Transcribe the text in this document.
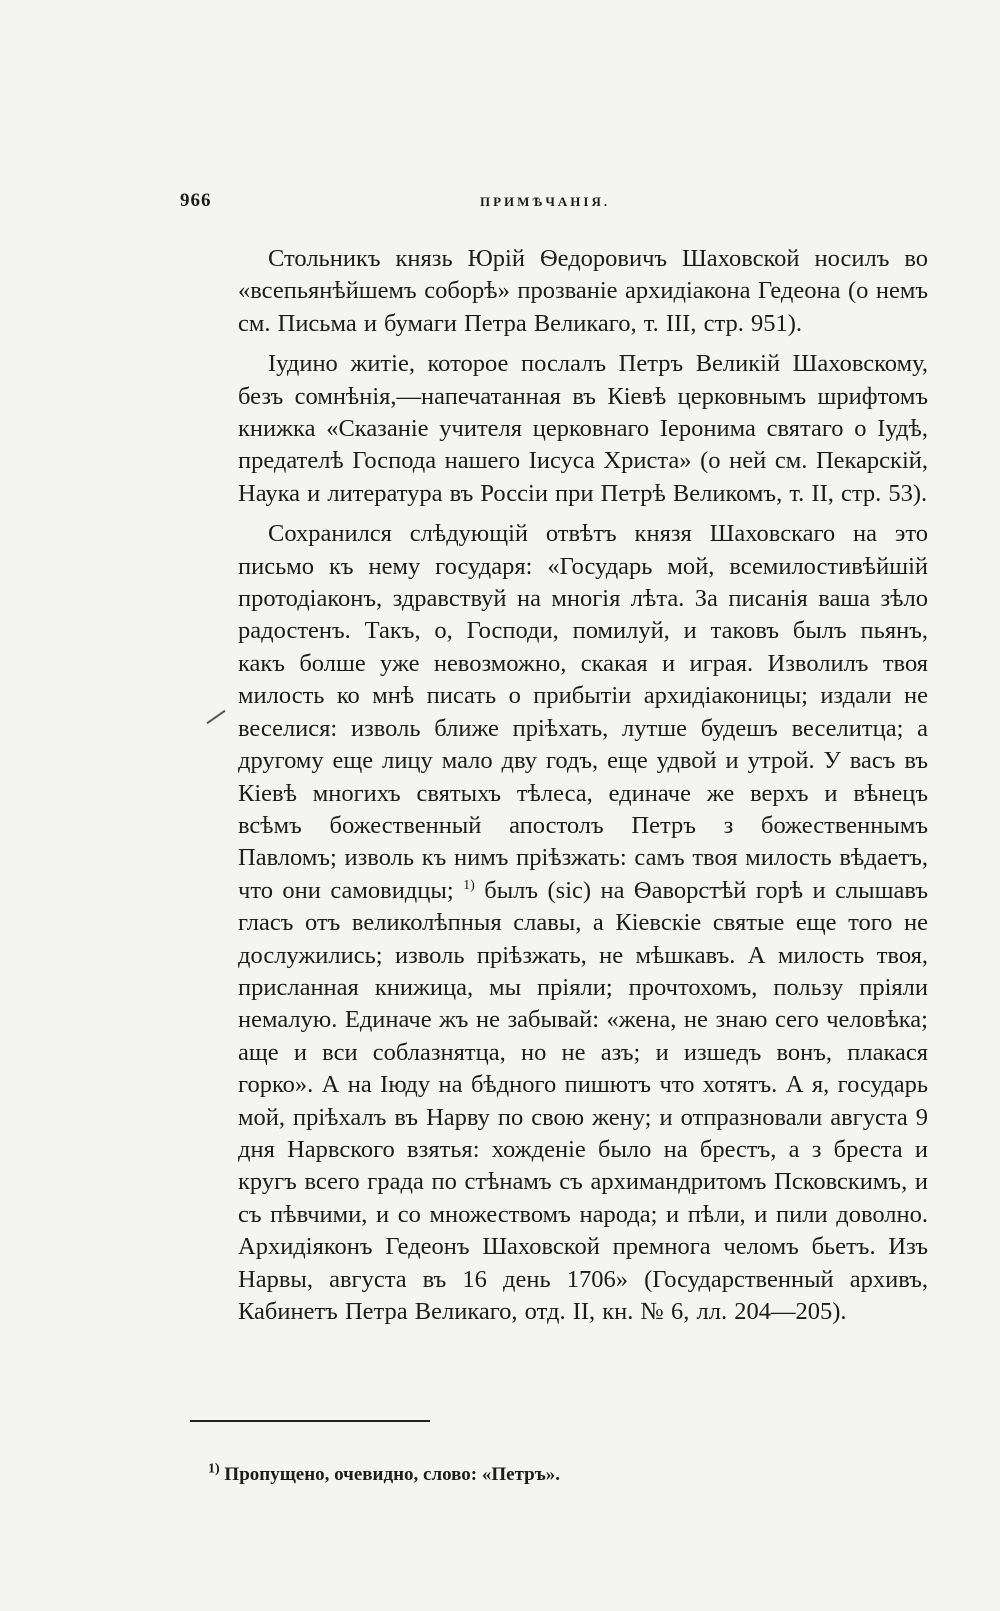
966	ПРИМѢЧАНІЯ.

Стольникъ князь Юрій Ѳедоровичъ Шаховской носилъ во «всепьянѣйшемъ соборѣ» прозваніе архидіакона Гедеона (о немъ см. Письма и бумаги Петра Великаго, т. III, стр. 951).

Іудино житіе, которое послалъ Петръ Великій Шаховскому, безъ сомнѣнія,—напечатанная въ Кіевѣ церковнымъ шрифтомъ книжка «Сказаніе учителя церковнаго Іеронима святаго о Іудѣ, предателѣ Господа нашего Іисуса Христа» (о ней см. Пекарскій, Наука и литература въ Россіи при Петрѣ Великомъ, т. II, стр. 53).

Сохранился слѣдующій отвѣтъ князя Шаховскаго на это письмо къ нему государя: «Государь мой, всемилостивѣйшій протодіаконъ, здравствуй на многія лѣта. За писанія ваша зѣло радостенъ. Такъ, о, Господи, помилуй, и таковъ былъ пьянъ, какъ болше уже невозможно, скакая и играя. Изволилъ твоя милость ко мнѣ писать о прибытіи архидіаконицы; издали не веселися: изволь ближе пріѣхать, лутше будешъ веселитца; а другому еще лицу мало дву годъ, еще удвой и утрой. У васъ въ Кіевѣ многихъ святыхъ тѣлеса, единаче же верхъ и вѣнецъ всѣмъ божественный апостолъ Петръ з божественнымъ Павломъ; изволь къ нимъ пріѣзжать: самъ твоя милость вѣдаетъ, что они самовидцы; $^{1)}$ былъ (sic) на Ѳаворстѣй горѣ и слышавъ гласъ отъ великолѣпныя славы, а Кіевскіе святые еще того не дослужились; изволь пріѣзжать, не мѣшкавъ. А милость твоя, присланная книжица, мы пріяли; прочтохомъ, пользу пріяли немалую. Единаче жъ не забывай: «жена, не знаю сего человѣка; аще и вси соблазнятца, но не азъ; и изшедъ вонъ, плакася горко». А на Іюду на бѣдного пишютъ что хотятъ. А я, государь мой, пріѣхалъ въ Нарву по свою жену; и отпразновали августа 9 дня Нарвского взятья: хожденіе было на брестъ, а з бреста и кругъ всего града по стѣнамъ съ архимандритомъ Псковскимъ, и съ пѣвчими, и со множествомъ народа; и пѣли, и пили доволно. Архидіяконъ Гедеонъ Шаховской премнога челомъ бьетъ. Изъ Нарвы, августа въ 16 день 1706» (Государственный архивъ, Кабинетъ Петра Великаго, отд. II, кн. № 6, лл. 204—205).

$^{1)}$ Пропущено, очевидно, слово: «Петръ».
